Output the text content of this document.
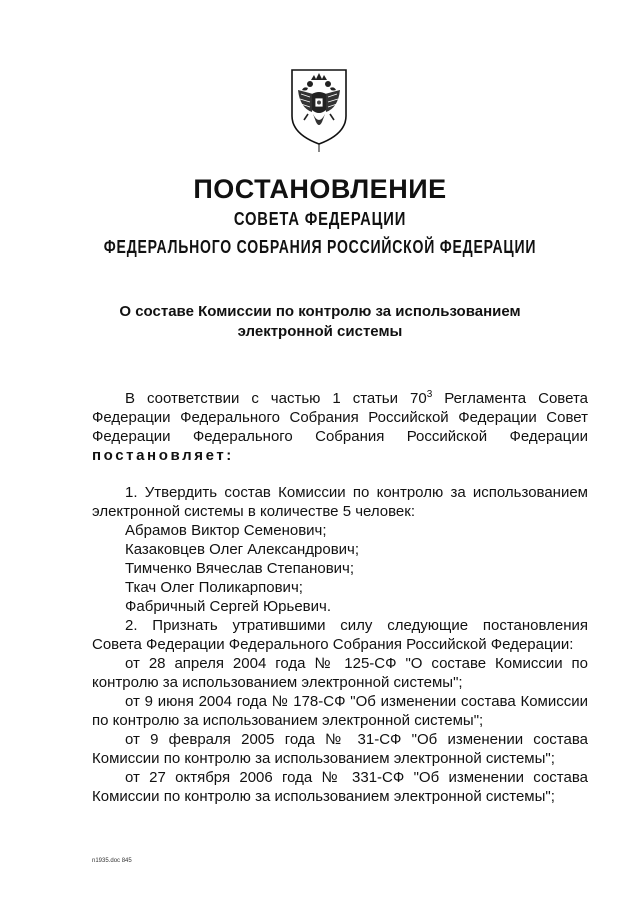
ПОСТАНОВЛЕНИЕ
СОВЕТА ФЕДЕРАЦИИ
ФЕДЕРАЛЬНОГО СОБРАНИЯ РОССИЙСКОЙ ФЕДЕРАЦИИ
О составе Комиссии по контролю за использованием
электронной системы

В соответствии с частью 1 статьи $70^3$ Регламента Совета Федерации Федерального Собрания Российской Федерации Совет Федерации Федерального Собрания Российской Федерации постановляет:

1. Утвердить состав Комиссии по контролю за использованием электронной системы в количестве 5 человек:

Абрамов Виктор Семенович;
Казаковцев Олег Александрович;
Тимченко Вячеслав Степанович;
Ткач Олег Поликарпович;
Фабричный Сергей Юрьевич.

2. Признать утратившими силу следующие постановления Совета Федерации Федерального Собрания Российской Федерации:

от 28 апреля 2004 года № 125-СФ "О составе Комиссии по контролю за использованием электронной системы";

от 9 июня 2004 года № 178-СФ "Об изменении состава Комиссии по контролю за использованием электронной системы";

от 9 февраля 2005 года № 31-СФ "Об изменении состава Комиссии по контролю за использованием электронной системы";

от 27 октября 2006 года № 331-СФ "Об изменении состава Комиссии по контролю за использованием электронной системы";

n1935.doc 845
